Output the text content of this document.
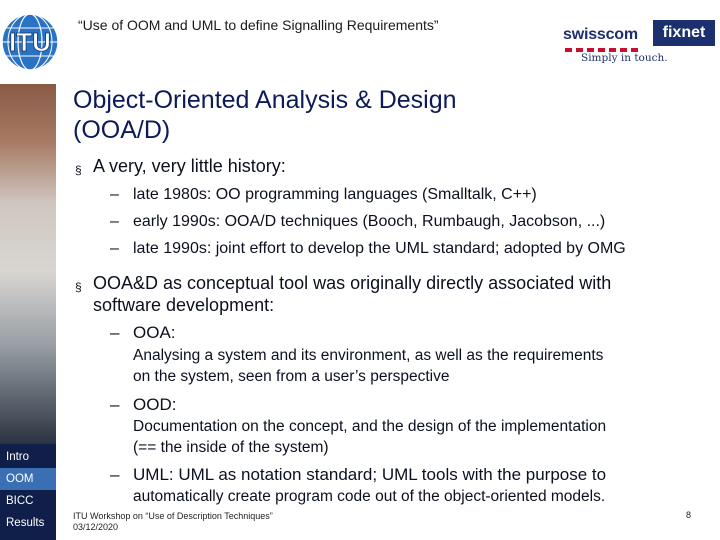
ITU
“Use of OOM and UML to define Signalling Requirements”
swisscom	fixnet
Simply in touch.
Intro
OOM
BICC
Results
Object-Oriented Analysis & Design
(OOA/D)
§ A very, very little history:
– late 1980s: OO programming languages (Smalltalk, C++)
– early 1990s: OOA/D techniques (Booch, Rumbaugh, Jacobson, ...)
– late 1990s: joint effort to develop the UML standard; adopted by OMG
§ OOA&D as conceptual tool was originally directly associated with
software development:
– OOA:
Analysing a system and its environment, as well as the requirements
on the system, seen from a user’s perspective
– OOD:
Documentation on the concept, and the design of the implementation
(== the inside of the system)
– UML: UML as notation standard; UML tools with the purpose to
automatically create program code out of the object-oriented models.
ITU Workshop on “Use of Description Techniques”
03/12/2020
8
